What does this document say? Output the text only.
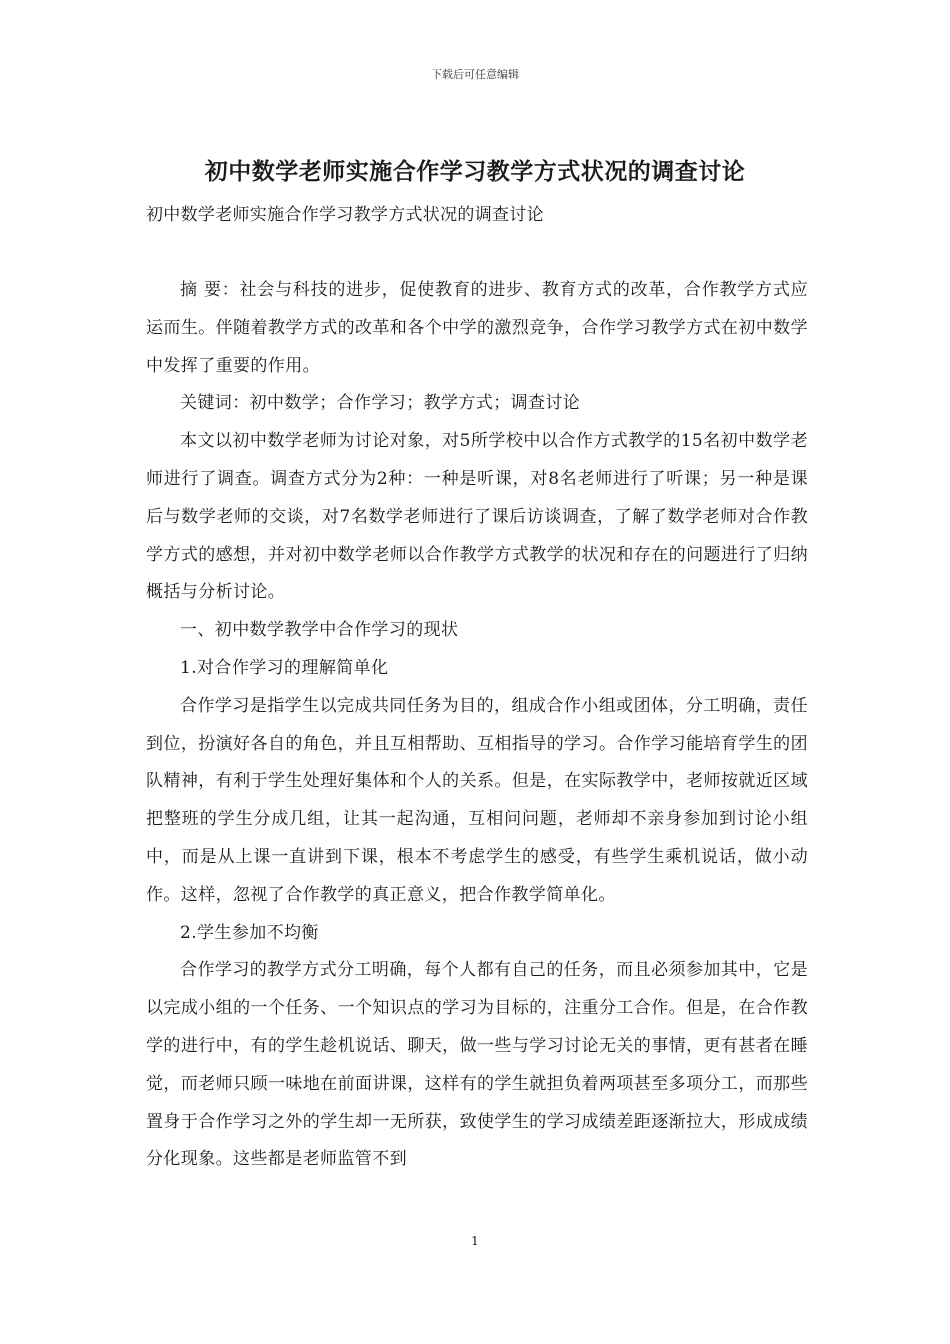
下载后可任意编辑
初中数学老师实施合作学习教学方式状况的调查讨论
初中数学老师实施合作学习教学方式状况的调查讨论

摘 要：社会与科技的进步，促使教育的进步、教育方式的改革，合作教学方式应运而生。伴随着教学方式的改革和各个中学的激烈竞争，合作学习教学方式在初中数学中发挥了重要的作用。

关键词：初中数学；合作学习；教学方式；调查讨论

本文以初中数学老师为讨论对象，对5所学校中以合作方式教学的15名初中数学老师进行了调查。调查方式分为2种：一种是听课，对8名老师进行了听课；另一种是课后与数学老师的交谈，对7名数学老师进行了课后访谈调查，了解了数学老师对合作教学方式的感想，并对初中数学老师以合作教学方式教学的状况和存在的问题进行了归纳概括与分析讨论。

一、初中数学教学中合作学习的现状

1.对合作学习的理解简单化

合作学习是指学生以完成共同任务为目的，组成合作小组或团体，分工明确，责任到位，扮演好各自的角色，并且互相帮助、互相指导的学习。合作学习能培育学生的团队精神，有利于学生处理好集体和个人的关系。但是，在实际教学中，老师按就近区域把整班的学生分成几组，让其一起沟通，互相问问题，老师却不亲身参加到讨论小组中，而是从上课一直讲到下课，根本不考虑学生的感受，有些学生乘机说话，做小动作。这样，忽视了合作教学的真正意义，把合作教学简单化。

2.学生参加不均衡

合作学习的教学方式分工明确，每个人都有自己的任务，而且必须参加其中，它是以完成小组的一个任务、一个知识点的学习为目标的，注重分工合作。但是，在合作教学的进行中，有的学生趁机说话、聊天，做一些与学习讨论无关的事情，更有甚者在睡觉，而老师只顾一味地在前面讲课，这样有的学生就担负着两项甚至多项分工，而那些置身于合作学习之外的学生却一无所获，致使学生的学习成绩差距逐渐拉大，形成成绩分化现象。这些都是老师监管不到

1
